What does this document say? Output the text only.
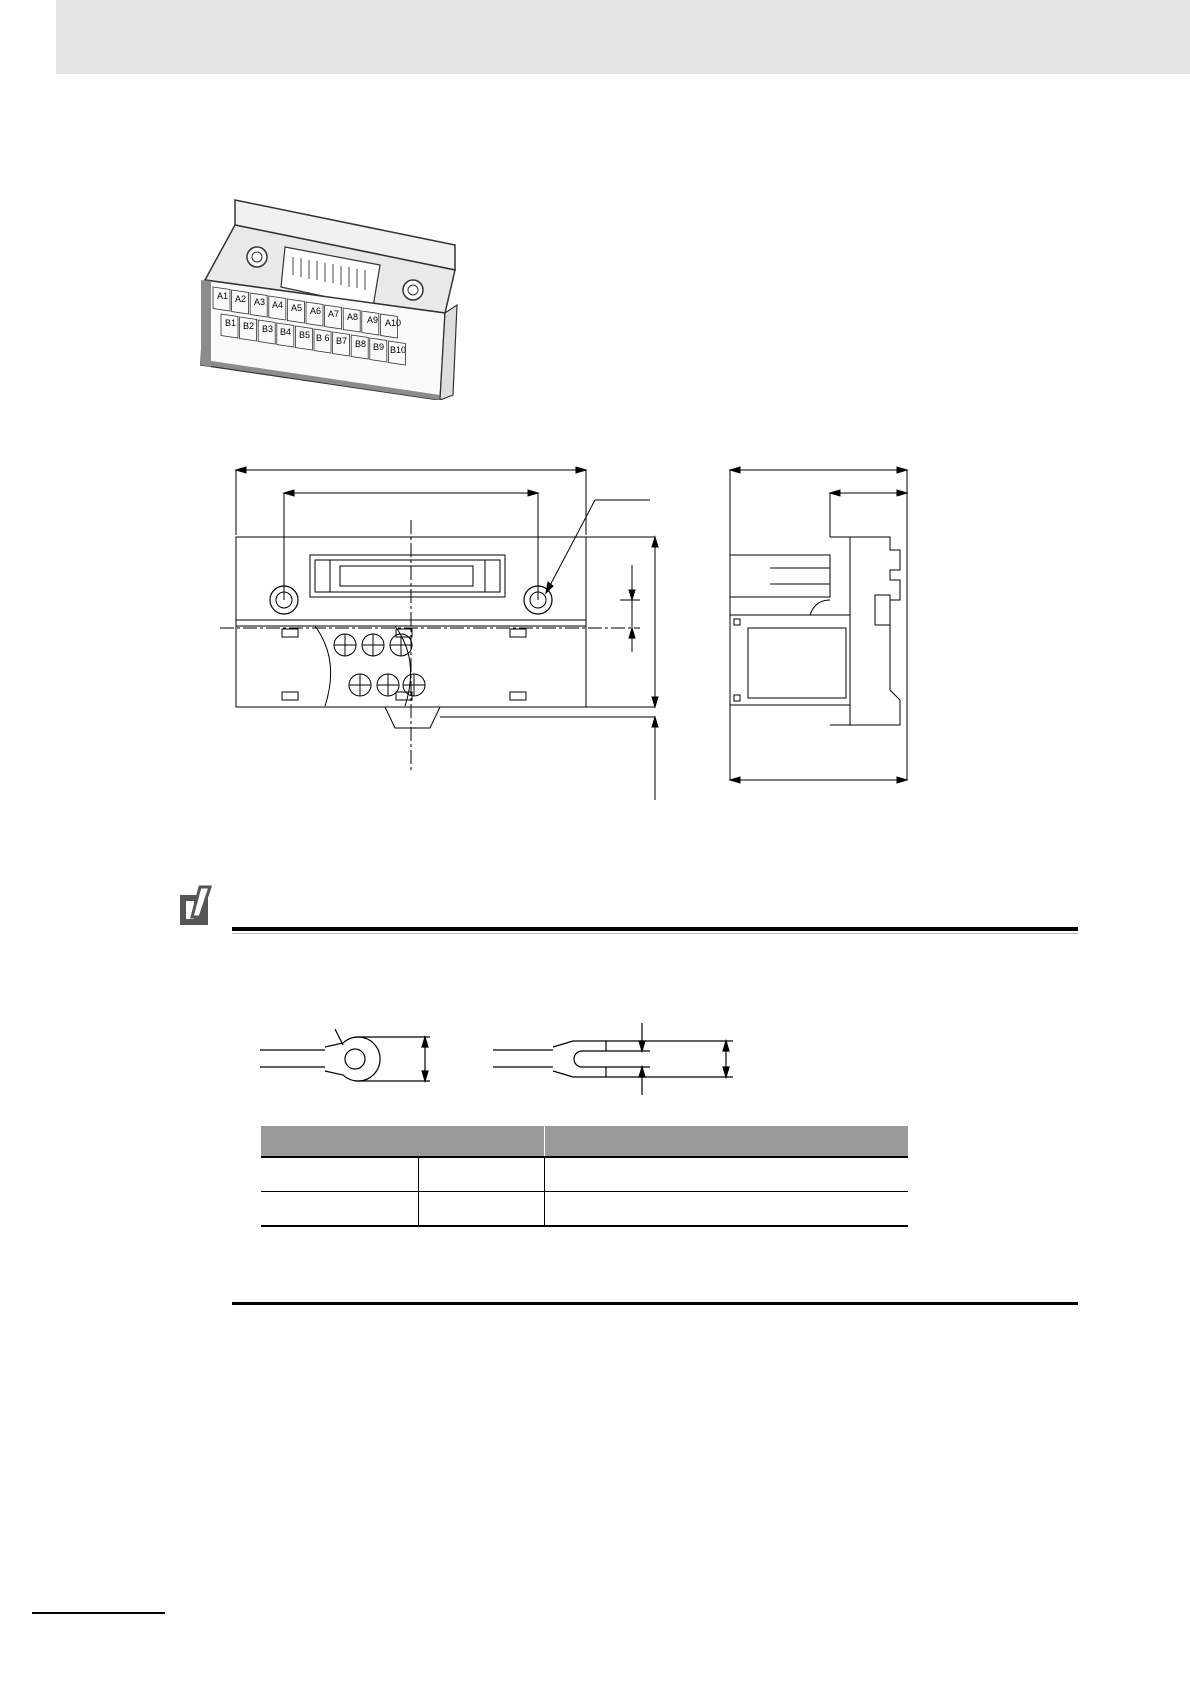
A1 A2 A3 A4 A5 A6 A7 A8 A9 A10
B1 B2 B3 B4 B5 B 6 B7 B8 B9 B10
